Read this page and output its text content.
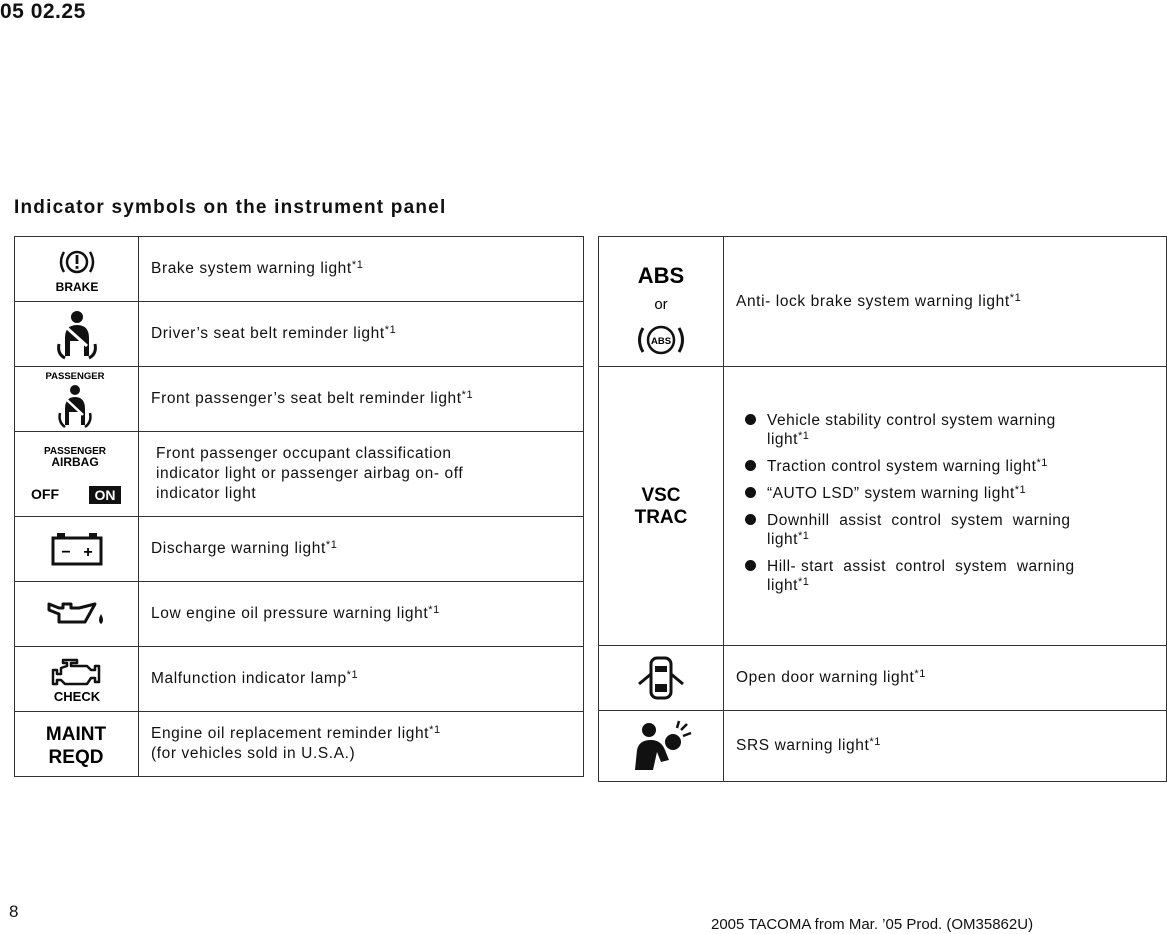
05 02.25
Indicator symbols on the instrument panel
BRAKE
Brake system warning light$^{*1}$
Driver’s seat belt reminder light$^{*1}$
PASSENGER
Front passenger’s seat belt reminder light$^{*1}$
PASSENGER
AIRBAG
OFF	ON
Front passenger occupant classification
indicator light or passenger airbag on- off
indicator light
− +	Discharge warning light$^{*1}$
Low engine oil pressure warning light$^{*1}$
CHECK
Malfunction indicator lamp$^{*1}$
MAINT
REQD
Engine oil replacement reminder light$^{*1}$
(for vehicles sold in U.S.A.)
ABS
or
ABS
Anti- lock brake system warning light$^{*1}$
VSC
TRAC
Vehicle stability control system warning
light$^{*1}$
Traction control system warning light$^{*1}$
“AUTO LSD” system warning light$^{*1}$
Downhill  assist  control  system  warning
light$^{*1}$
Hill- start  assist  control  system  warning
light$^{*1}$
Open door warning light$^{*1}$
SRS warning light$^{*1}$
8
2005 TACOMA from Mar. ’05 Prod. (OM35862U)
